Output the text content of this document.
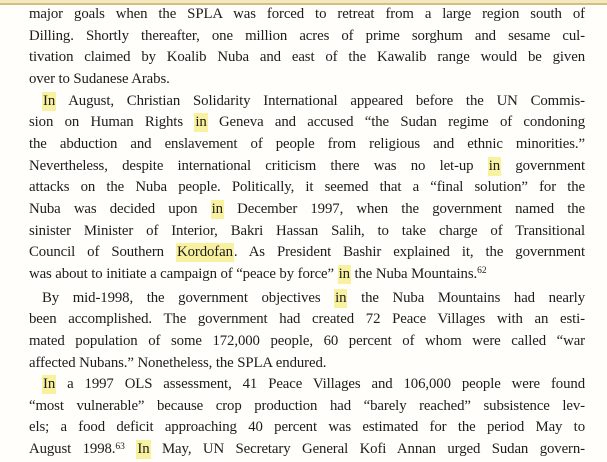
major goals when the SPLA was forced to retreat from a large region south of
Dilling. Shortly thereafter, one million acres of prime sorghum and sesame cul-
tivation claimed by Koalib Nuba and east of the Kawalib range would be given
over to Sudanese Arabs.
In August, Christian Solidarity International appeared before the UN Commis-
sion on Human Rights in Geneva and accused “the Sudan regime of condoning
the abduction and enslavement of people from religious and ethnic minorities.”
Nevertheless, despite international criticism there was no let-up in government
attacks on the Nuba people. Politically, it seemed that a “final solution” for the
Nuba was decided upon in December 1997, when the government named the
sinister Minister of Interior, Bakri Hassan Salih, to take charge of Transitional
Council of Southern Kordofan. As President Bashir explained it, the government
was about to initiate a campaign of “peace by force” in the Nuba Mountains.$^{62}$
By mid-1998, the government objectives in the Nuba Mountains had nearly
been accomplished. The government had created 72 Peace Villages with an esti-
mated population of some 172,000 people, 60 percent of whom were called “war
affected Nubans.” Nonetheless, the SPLA endured.
In a 1997 OLS assessment, 41 Peace Villages and 106,000 people were found
“most vulnerable” because crop production had “barely reached” subsistence lev-
els; a food deficit approaching 40 percent was estimated for the period May to
August 1998.63 In May, UN Secretary General Kofi Annan urged Sudan govern-
